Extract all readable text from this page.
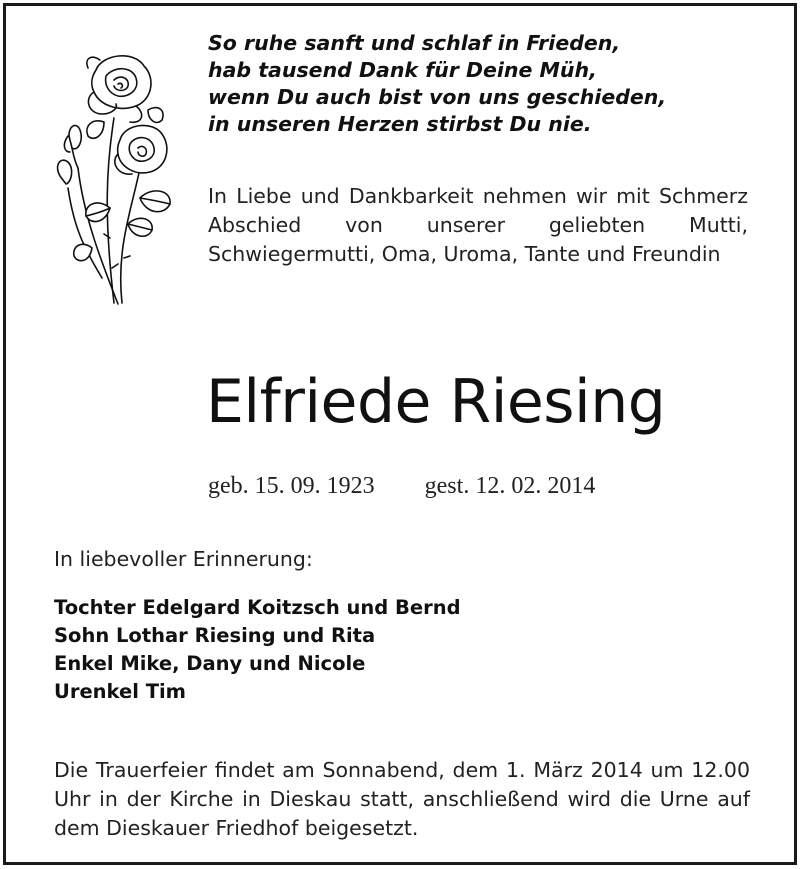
So ruhe sanft und schlaf in Frieden,
hab tausend Dank für Deine Müh,
wenn Du auch bist von uns geschieden,
in unseren Herzen stirbst Du nie.
In Liebe und Dankbarkeit nehmen wir mit Schmerz Abschied von unserer geliebten Mutti, Schwiegermutti, Oma, Uroma, Tante und Freundin
Elfriede Riesing
geb. 15. 09. 1923 gest. 12. 02. 2014
In liebevoller Erinnerung:
Tochter Edelgard Koitzsch und Bernd
Sohn Lothar Riesing und Rita
Enkel Mike, Dany und Nicole
Urenkel Tim
Die Trauerfeier findet am Sonnabend, dem 1. März 2014 um 12.00 Uhr in der Kirche in Dieskau statt, anschließend wird die Urne auf dem Dieskauer Friedhof beigesetzt.
